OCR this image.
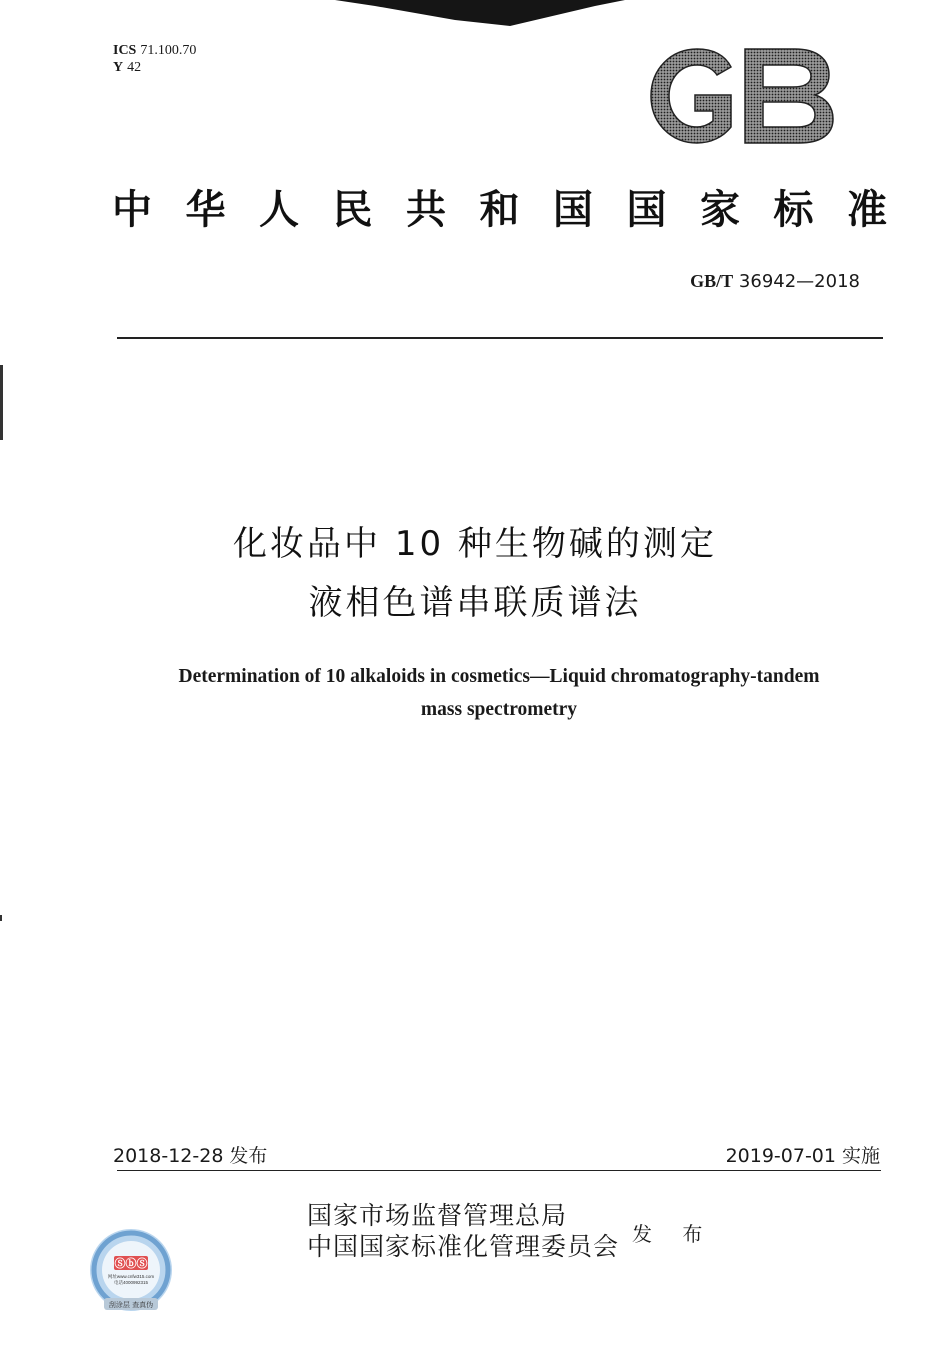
ICS 71.100.70
Y 42
中华人民共和国国家标准
GB/T 36942—2018
化妆品中 10 种生物碱的测定
液相色谱串联质谱法
Determination of 10 alkaloids in cosmetics—Liquid chromatography-tandem
mass spectrometry
2018-12-28 发布	2019-07-01 实施
ⓈⓑⓈ
网址www.cnfw315.com
电话4000992315
刮涂层 查真伪
国家市场监督管理总局
中国国家标准化管理委员会 发 布
